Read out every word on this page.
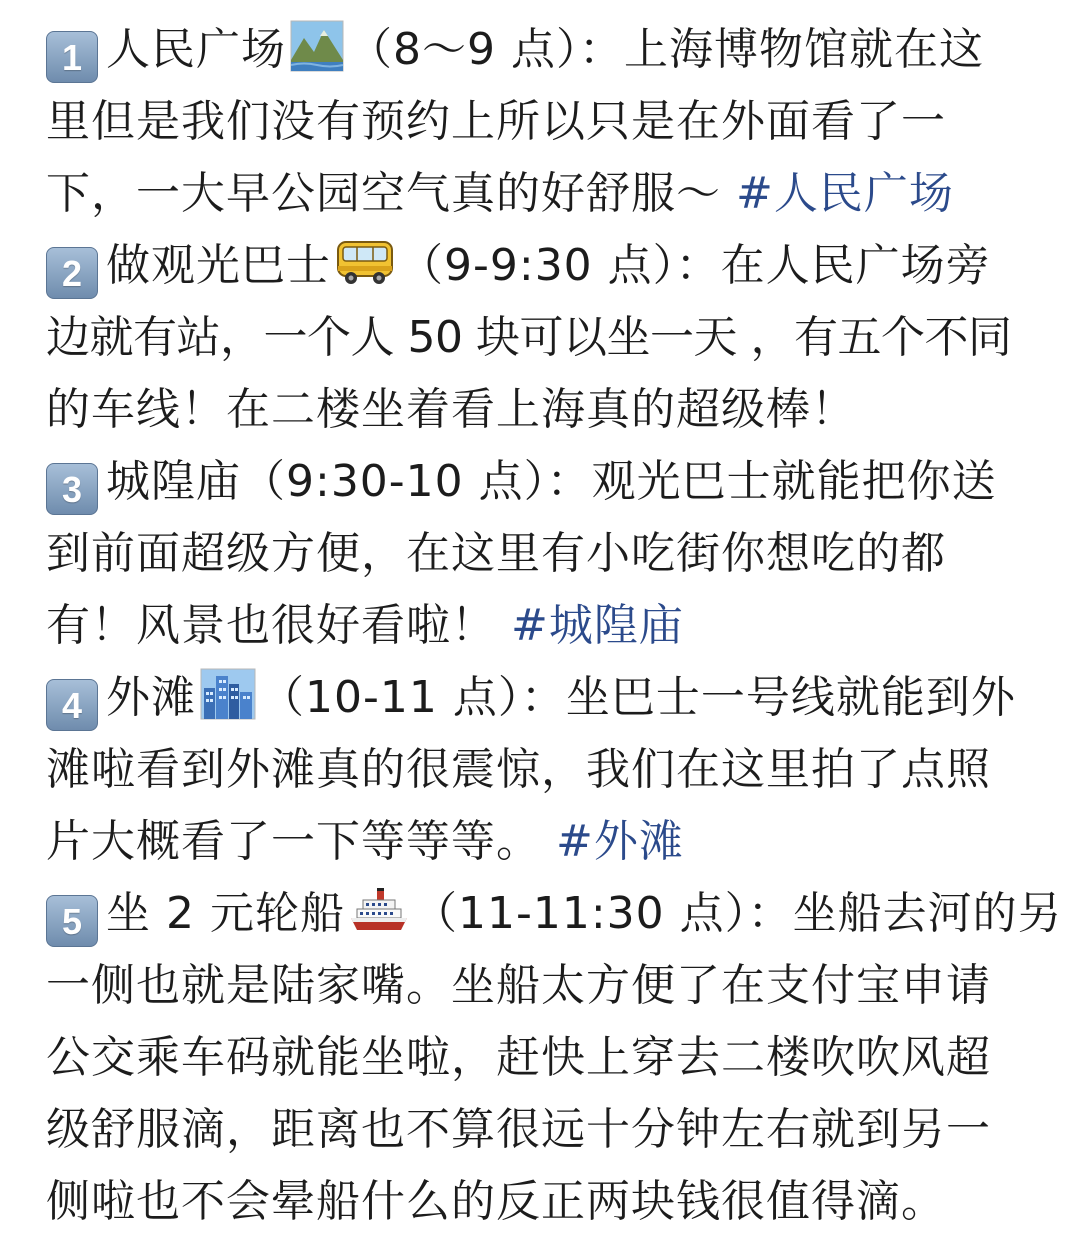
1 人民广场 （8～9 点）：上海博物馆就在这
里但是我们没有预约上所以只是在外面看了一
下，一大早公园空气真的好舒服～ #人民广场
2 做观光巴士 （9-9:30 点）：在人民广场旁
边就有站，一个人 50 块可以坐一天 ，有五个不同
的车线！在二楼坐着看上海真的超级棒！
3 城隍庙（9:30-10 点）：观光巴士就能把你送
到前面超级方便，在这里有小吃街你想吃的都
有！风景也很好看啦！ #城隍庙
4 外滩 （10-11 点）：坐巴士一号线就能到外
滩啦看到外滩真的很震惊，我们在这里拍了点照
片大概看了一下等等等。 #外滩
5 坐 2 元轮船 （11-11:30 点）：坐船去河的另
一侧也就是陆家嘴。坐船太方便了在支付宝申请
公交乘车码就能坐啦，赶快上穿去二楼吹吹风超
级舒服滴，距离也不算很远十分钟左右就到另一
侧啦也不会晕船什么的反正两块钱很值得滴。
